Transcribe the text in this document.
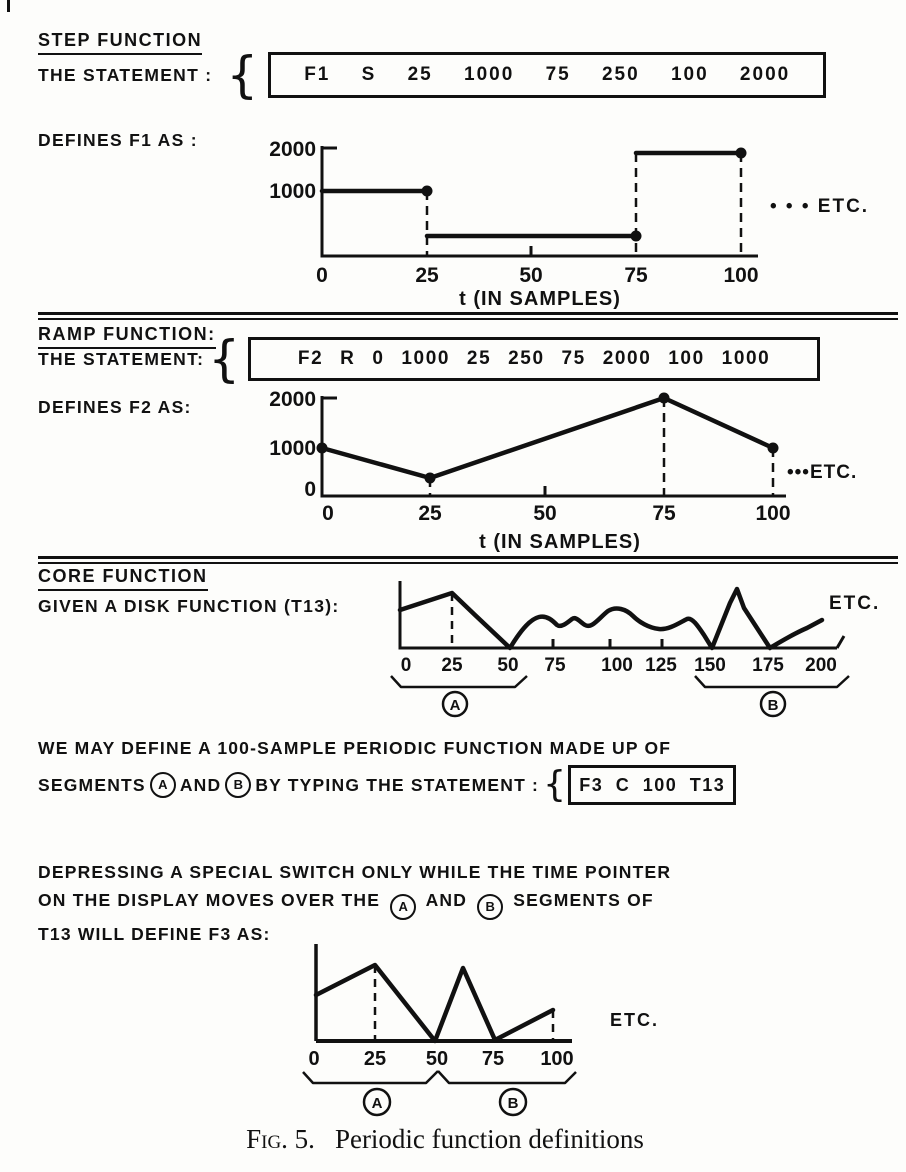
STEP FUNCTION
THE STATEMENT : { F1 S 25 1000 75 250 100 2000
DEFINES F1 AS :	2000
1000
0	25	50	75	100
• • • ETC.
t (IN SAMPLES)
RAMP FUNCTION:
THE STATEMENT: {	F2 R 0 1000 25 250 75 2000 100 1000
DEFINES F2 AS:	2000
1000
0
0	25	50	75	100
•••ETC.
t (IN SAMPLES)
CORE FUNCTION
GIVEN A DISK FUNCTION (T13):
0 25 50 75 100 125 150 175 200
A	B
ETC.
WE MAY DEFINE A 100-SAMPLE PERIODIC FUNCTION MADE UP OF
SEGMENTS A AND B BY TYPING THE STATEMENT : { F3 C 100 T13
DEPRESSING A SPECIAL SWITCH ONLY WHILE THE TIME POINTER
ON THE DISPLAY MOVES OVER THE A AND B SEGMENTS OF
T13 WILL DEFINE F3 AS:
0 25 50 75 100
A	B
ETC.
Fig. 5. Periodic function definitions
